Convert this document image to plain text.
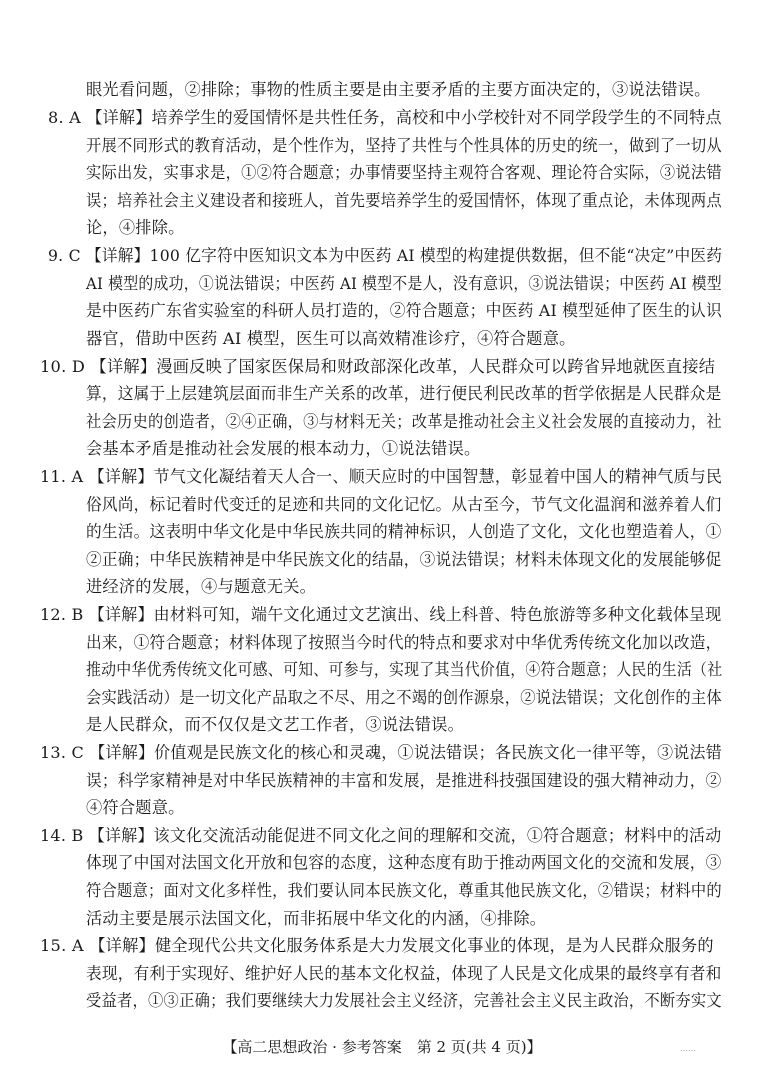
眼光看问题，②排除；事物的性质主要是由主要矛盾的主要方面决定的，③说法错误。
8. A 【详解】培养学生的爱国情怀是共性任务，高校和中小学校针对不同学段学生的不同特点
开展不同形式的教育活动，是个性作为，坚持了共性与个性具体的历史的统一，做到了一切从
实际出发，实事求是，①②符合题意；办事情要坚持主观符合客观、理论符合实际，③说法错
误；培养社会主义建设者和接班人，首先要培养学生的爱国情怀，体现了重点论，未体现两点
论，④排除。
9. C 【详解】100 亿字符中医知识文本为中医药 AI 模型的构建提供数据，但不能“决定”中医药
AI 模型的成功，①说法错误；中医药 AI 模型不是人，没有意识，③说法错误；中医药 AI 模型
是中医药广东省实验室的科研人员打造的，②符合题意；中医药 AI 模型延伸了医生的认识
器官，借助中医药 AI 模型，医生可以高效精准诊疗，④符合题意。
10. D 【详解】漫画反映了国家医保局和财政部深化改革，人民群众可以跨省异地就医直接结
算，这属于上层建筑层面而非生产关系的改革，进行便民利民改革的哲学依据是人民群众是
社会历史的创造者，②④正确，③与材料无关；改革是推动社会主义社会发展的直接动力，社
会基本矛盾是推动社会发展的根本动力，①说法错误。
11. A 【详解】节气文化凝结着天人合一、顺天应时的中国智慧，彰显着中国人的精神气质与民
俗风尚，标记着时代变迁的足迹和共同的文化记忆。从古至今，节气文化温润和滋养着人们
的生活。这表明中华文化是中华民族共同的精神标识，人创造了文化，文化也塑造着人，①
②正确；中华民族精神是中华民族文化的结晶，③说法错误；材料未体现文化的发展能够促
进经济的发展，④与题意无关。
12. B 【详解】由材料可知，端午文化通过文艺演出、线上科普、特色旅游等多种文化载体呈现
出来，①符合题意；材料体现了按照当今时代的特点和要求对中华优秀传统文化加以改造，
推动中华优秀传统文化可感、可知、可参与，实现了其当代价值，④符合题意；人民的生活（社
会实践活动）是一切文化产品取之不尽、用之不竭的创作源泉，②说法错误；文化创作的主体
是人民群众，而不仅仅是文艺工作者，③说法错误。
13. C 【详解】价值观是民族文化的核心和灵魂，①说法错误；各民族文化一律平等，③说法错
误；科学家精神是对中华民族精神的丰富和发展，是推进科技强国建设的强大精神动力，②
④符合题意。
14. B 【详解】该文化交流活动能促进不同文化之间的理解和交流，①符合题意；材料中的活动
体现了中国对法国文化开放和包容的态度，这种态度有助于推动两国文化的交流和发展，③
符合题意；面对文化多样性，我们要认同本民族文化，尊重其他民族文化，②错误；材料中的
活动主要是展示法国文化，而非拓展中华文化的内涵，④排除。
15. A 【详解】健全现代公共文化服务体系是大力发展文化事业的体现，是为人民群众服务的
表现，有利于实现好、维护好人民的基本文化权益，体现了人民是文化成果的最终享有者和
受益者，①③正确；我们要继续大力发展社会主义经济，完善社会主义民主政治，不断夯实文
【高二思想政治 · 参考答案　第 2 页(共 4 页)】	……
